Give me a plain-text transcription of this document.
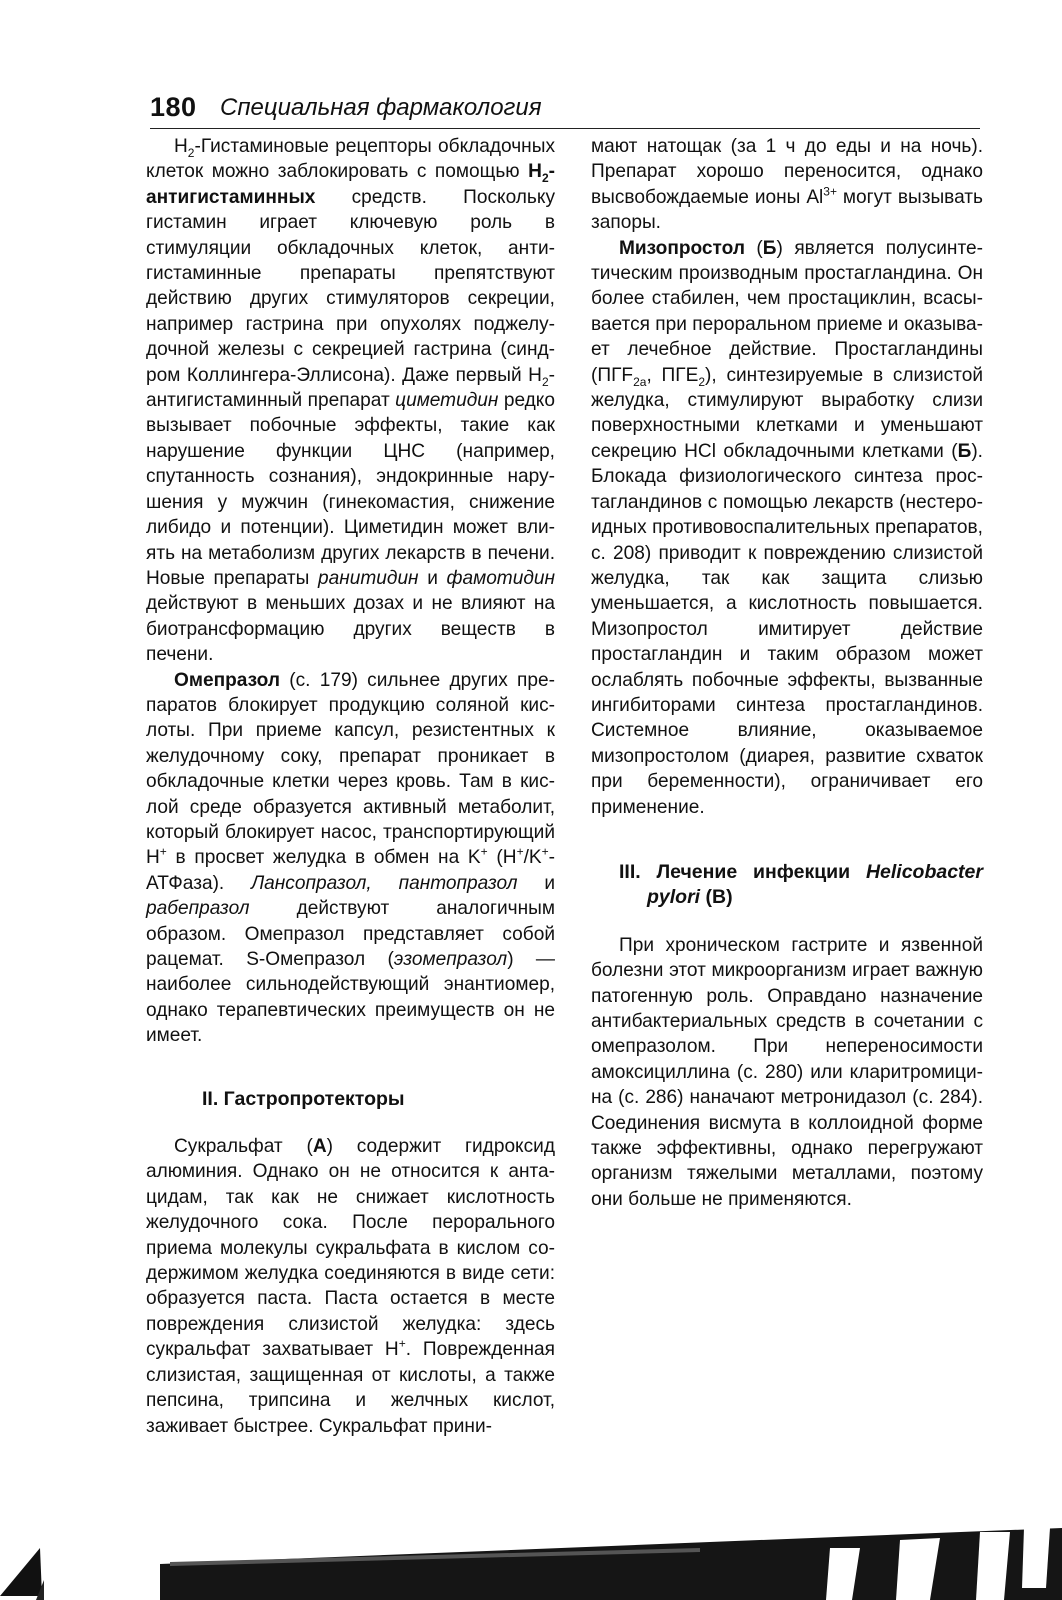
180 Специальная фармакология

$H_2$-Гистаминовые рецепторы обкладочных клеток можно заблокировать с помощью $H_2$-антигистаминных средств. Поскольку гистамин играет ключевую роль в стимуляции обкладочных клеток, антигистаминные препараты препятствуют действию других стимуляторов секреции, например гастрина при опухолях поджелудочной железы с секрецией гастрина (синдром Коллингера-Эллисона). Даже первый $H_2$-антигистаминный препарат циметидин редко вызывает побочные эффекты, такие как нарушение функции ЦНС (например, спутанность сознания), эндокринные нарушения у мужчин (гинекомастия, снижение либидо и потенции). Циметидин может влиять на метаболизм других лекарств в печени. Новые препараты ранитидин и фамотидин действуют в меньших дозах и не влияют на биотрансформацию других веществ в печени.

Омепразол (с. 179) сильнее других препаратов блокирует продукцию соляной кислоты. При приеме капсул, резистентных к желудочному соку, препарат проникает в обкладочные клетки через кровь. Там в кислой среде образуется активный метаболит, который блокирует насос, транспортирующий H+ в просвет желудка в обмен на K+ (H+/K+-АТФаза). Лансопразол, пантопразол и рабепразол действуют аналогичным образом. Омепразол представляет собой рацемат. S-Омепразол (эзомепразол) — наиболее сильнодействующий энантиомер, однако терапевтических преимуществ он не имеет.

II. Гастропротекторы

Сукральфат (А) содержит гидроксид алюминия. Однако он не относится к антацидам, так как не снижает кислотность желудочного сока. После перорального приема молекулы сукральфата в кислом содержимом желудка соединяются в виде сети: образуется паста. Паста остается в месте повреждения слизистой желудка: здесь сукральфат захватывает H+. Поврежденная слизистая, защищенная от кислоты, а также пепсина, трипсина и желчных кислот, заживает быстрее. Сукральфат прини-

мают натощак (за 1 ч до еды и на ночь). Препарат хорошо переносится, однако высвобождаемые ионы $Al^{3+}$ могут вызывать запоры.

Мизопростол (Б) является полусинтетическим производным простагландина. Он более стабилен, чем простациклин, всасывается при пероральном приеме и оказывает лечебное действие. Простагландины ($ПГF_{2a}$, $ПГЕ_2$), синтезируемые в слизистой желудка, стимулируют выработку слизи поверхностными клетками и уменьшают секрецию HCl обкладочными клетками (Б). Блокада физиологического синтеза простагландинов с помощью лекарств (нестероидных противовоспалительных препаратов, с. 208) приводит к повреждению слизистой желудка, так как защита слизью уменьшается, а кислотность повышается. Мизопростол имитирует действие простагландин и таким образом может ослаблять побочные эффекты, вызванные ингибиторами синтеза простагландинов. Системное влияние, оказываемое мизопростолом (диарея, развитие схваток при беременности), ограничивает его применение.

III. Лечение инфекции Helicobacter pylori (В)

При хроническом гастрите и язвенной болезни этот микроорганизм играет важную патогенную роль. Оправдано назначение антибактериальных средств в сочетании с омепразолом. При непереносимости амоксициллина (с. 280) или кларитромицина (с. 286) наначают метронидазол (с. 284). Соединения висмута в коллоидной форме также эффективны, однако перегружают организм тяжелыми металлами, поэтому они больше не применяются.
